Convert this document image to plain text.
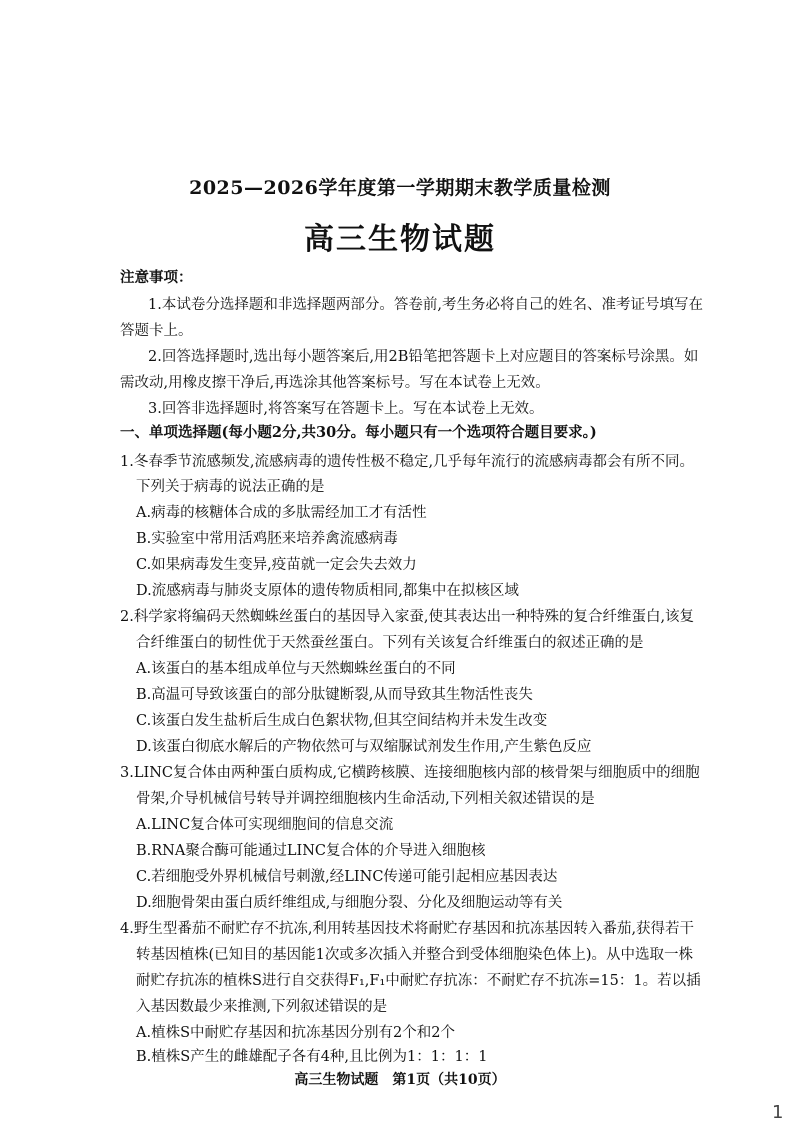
2025—2026学年度第一学期期末教学质量检测
高三生物试题
注意事项：
1.本试卷分选择题和非选择题两部分。答卷前,考生务必将自己的姓名、准考证号填写在
答题卡上。
2.回答选择题时,选出每小题答案后,用2B铅笔把答题卡上对应题目的答案标号涂黑。如
需改动,用橡皮擦干净后,再选涂其他答案标号。写在本试卷上无效。
3.回答非选择题时,将答案写在答题卡上。写在本试卷上无效。
一、单项选择题(每小题2分,共30分。每小题只有一个选项符合题目要求。)
1.冬春季节流感频发,流感病毒的遗传性极不稳定,几乎每年流行的流感病毒都会有所不同。
下列关于病毒的说法正确的是
A.病毒的核糖体合成的多肽需经加工才有活性
B.实验室中常用活鸡胚来培养禽流感病毒
C.如果病毒发生变异,疫苗就一定会失去效力
D.流感病毒与肺炎支原体的遗传物质相同,都集中在拟核区域
2.科学家将编码天然蜘蛛丝蛋白的基因导入家蚕,使其表达出一种特殊的复合纤维蛋白,该复
合纤维蛋白的韧性优于天然蚕丝蛋白。下列有关该复合纤维蛋白的叙述正确的是
A.该蛋白的基本组成单位与天然蜘蛛丝蛋白的不同
B.高温可导致该蛋白的部分肽键断裂,从而导致其生物活性丧失
C.该蛋白发生盐析后生成白色絮状物,但其空间结构并未发生改变
D.该蛋白彻底水解后的产物依然可与双缩脲试剂发生作用,产生紫色反应
3.LINC复合体由两种蛋白质构成,它横跨核膜、连接细胞核内部的核骨架与细胞质中的细胞
骨架,介导机械信号转导并调控细胞核内生命活动,下列相关叙述错误的是
A.LINC复合体可实现细胞间的信息交流
B.RNA聚合酶可能通过LINC复合体的介导进入细胞核
C.若细胞受外界机械信号刺激,经LINC传递可能引起相应基因表达
D.细胞骨架由蛋白质纤维组成,与细胞分裂、分化及细胞运动等有关
4.野生型番茄不耐贮存不抗冻,利用转基因技术将耐贮存基因和抗冻基因转入番茄,获得若干
转基因植株(已知目的基因能1次或多次插入并整合到受体细胞染色体上)。从中选取一株
耐贮存抗冻的植株S进行自交获得F₁,F₁中耐贮存抗冻：不耐贮存不抗冻=15：1。若以插
入基因数最少来推测,下列叙述错误的是
A.植株S中耐贮存基因和抗冻基因分别有2个和2个
B.植株S产生的雌雄配子各有4种,且比例为1：1：1：1
高三生物试题　第1页（共10页）
1
